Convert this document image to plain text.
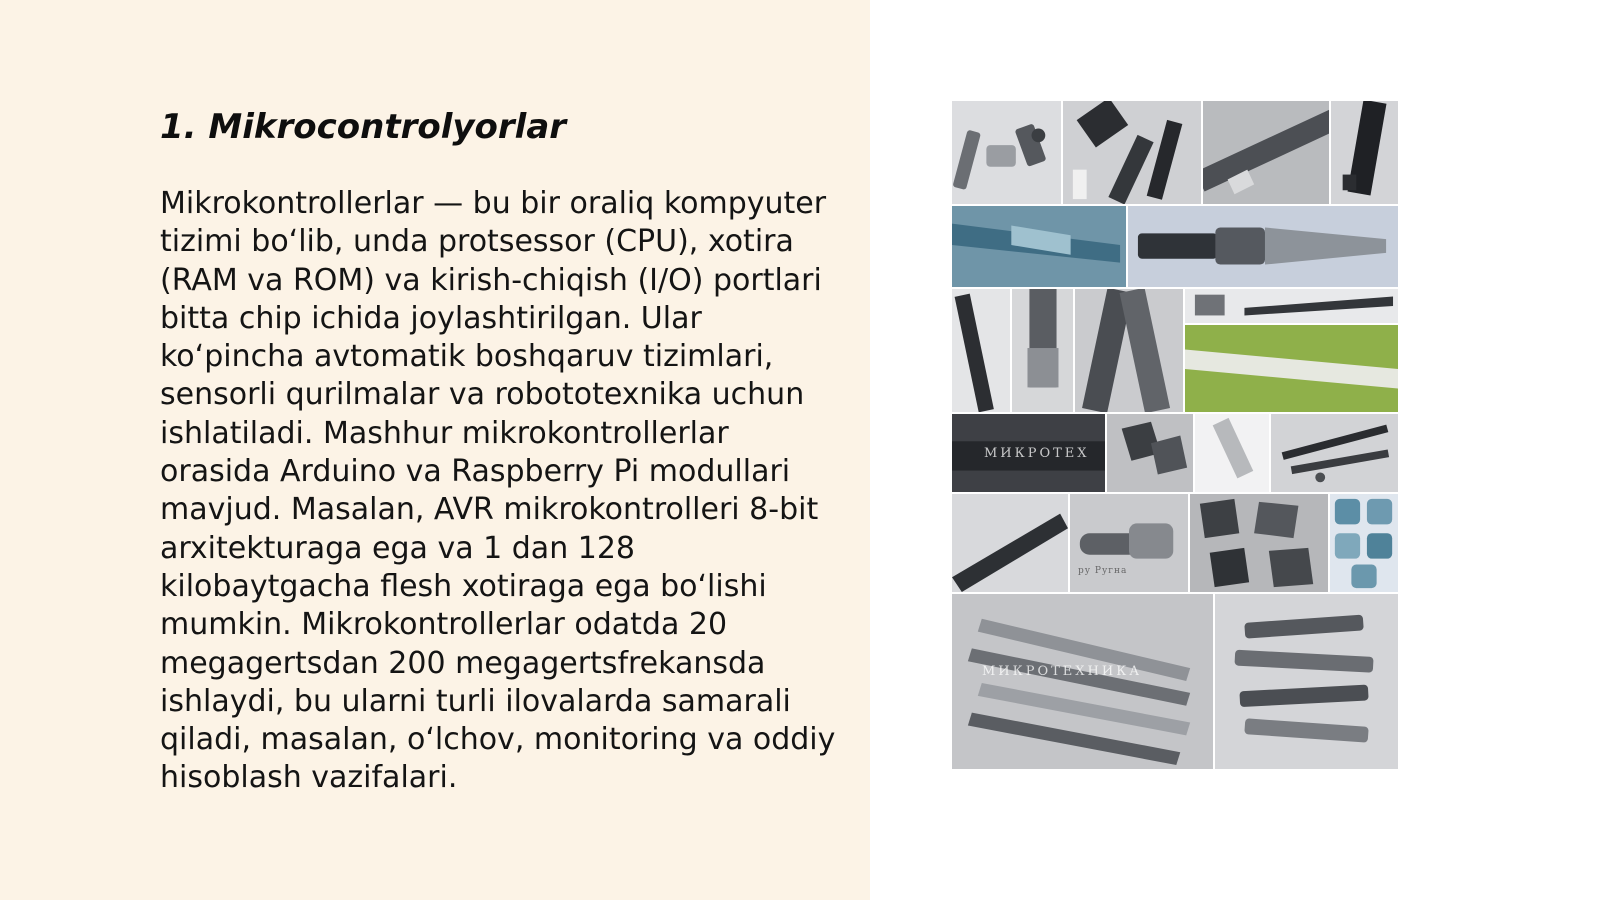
1. Mikrocontrolyorlar

Mikrokontrollerlar — bu bir oraliq kompyuter
tizimi bo‘lib, unda protsessor (CPU), xotira
(RAM va ROM) va kirish-chiqish (I/O) portlari
bitta chip ichida joylashtirilgan. Ular
ko‘pincha avtomatik boshqaruv tizimlari,
sensorli qurilmalar va robototexnika uchun
ishlatiladi. Mashhur mikrokontrollerlar
orasida Arduino va Raspberry Pi modullari
mavjud. Masalan, AVR mikrokontrolleri 8-bit
arxitekturaga ega va 1 dan 128
kilobaytgacha flesh xotiraga ega bo‘lishi
mumkin. Mikrokontrollerlar odatda 20
megagertsdan 200 megagertsfrekansda
ishlaydi, bu ularni turli ilovalarda samarali
qiladi, masalan, o‘lchov, monitoring va oddiy
hisoblash vazifalari.

МИКРОТЕХ
ру Ругна
МИКРОТЕХНИКА
